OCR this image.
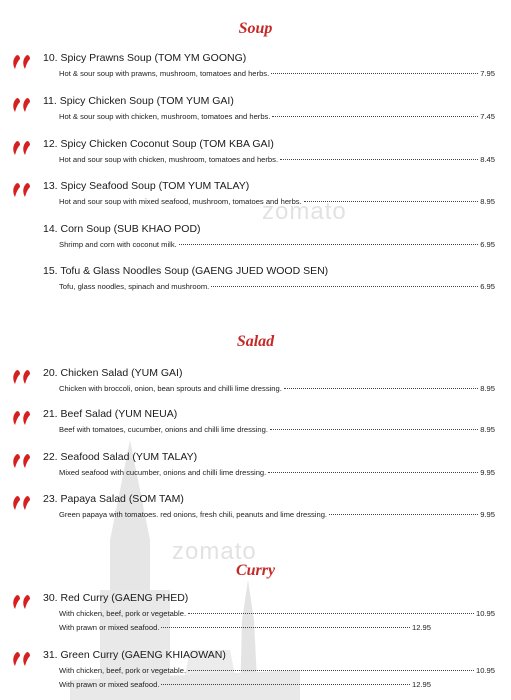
zomato
zomato
Soup
10. Spicy Prawns Soup (TOM YM GOONG)
Hot & sour soup with prawns, mushroom, tomatoes and herbs.	7.95
11. Spicy Chicken Soup (TOM YUM GAI)
Hot & sour soup with chicken, mushroom, tomatoes and herbs.	7.45
12. Spicy Chicken Coconut Soup (TOM KBA GAI)
Hot and sour soup with chicken, mushroom, tomatoes and herbs.	8.45
13. Spicy Seafood Soup (TOM YUM TALAY)
Hot and sour soup with mixed seafood, mushroom, tomatoes and herbs.	8.95
14. Corn Soup (SUB KHAO POD)
Shrimp and corn with coconut milk.	6.95
15. Tofu & Glass Noodles Soup (GAENG JUED WOOD SEN)
Tofu, glass noodles, spinach and mushroom.	6.95
Salad
20. Chicken Salad (YUM GAI)
Chicken with broccoli, onion, bean sprouts and chilli lime dressing.	8.95
21. Beef Salad (YUM NEUA)
Beef with tomatoes, cucumber, onions and chilli lime dressing.	8.95
22. Seafood Salad (YUM TALAY)
Mixed seafood with cucumber, onions and chilli lime dressing.	9.95
23. Papaya Salad (SOM TAM)
Green papaya with tomatoes. red onions, fresh chili, peanuts and lime dressing.	9.95
Curry
30. Red Curry (GAENG PHED)
With chicken, beef, pork or vegetable.	10.95
With prawn or mixed seafood.	12.95
31. Green Curry (GAENG KHIAOWAN)
With chicken, beef, pork or vegetable.	10.95
With prawn or mixed seafood.	12.95
